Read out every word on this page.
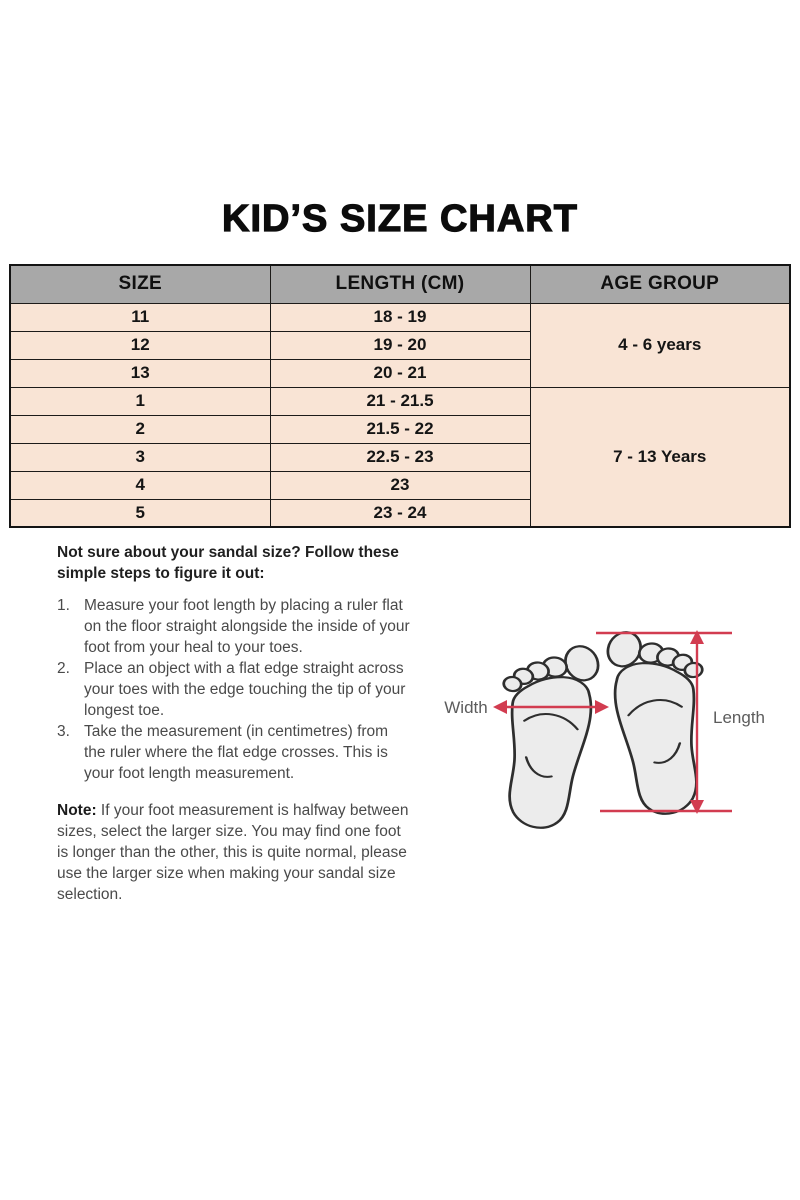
KID’S SIZE CHART
SIZE	LENGTH (CM)	AGE GROUP
11	18 - 19	4 - 6 years
12	19 - 20	
13	20 - 21	
1	21 - 21.5	7 - 13 Years
2	21.5 - 22	
3	22.5 - 23	
4	23	
5	23 - 24	

Not sure about your sandal size? Follow these simple steps to figure it out:

1. Measure your foot length by placing a ruler flat on the floor straight alongside the inside of your foot from your heal to your toes.
2. Place an object with a flat edge straight across your toes with the edge touching the tip of your longest toe.
3. Take the measurement (in centimetres) from the ruler where the flat edge crosses. This is your foot length measurement.

Note: If your foot measurement is halfway between sizes, select the larger size. You may find one foot is longer than the other, this is quite normal, please use the larger size when making your sandal size selection.

Width
Length
